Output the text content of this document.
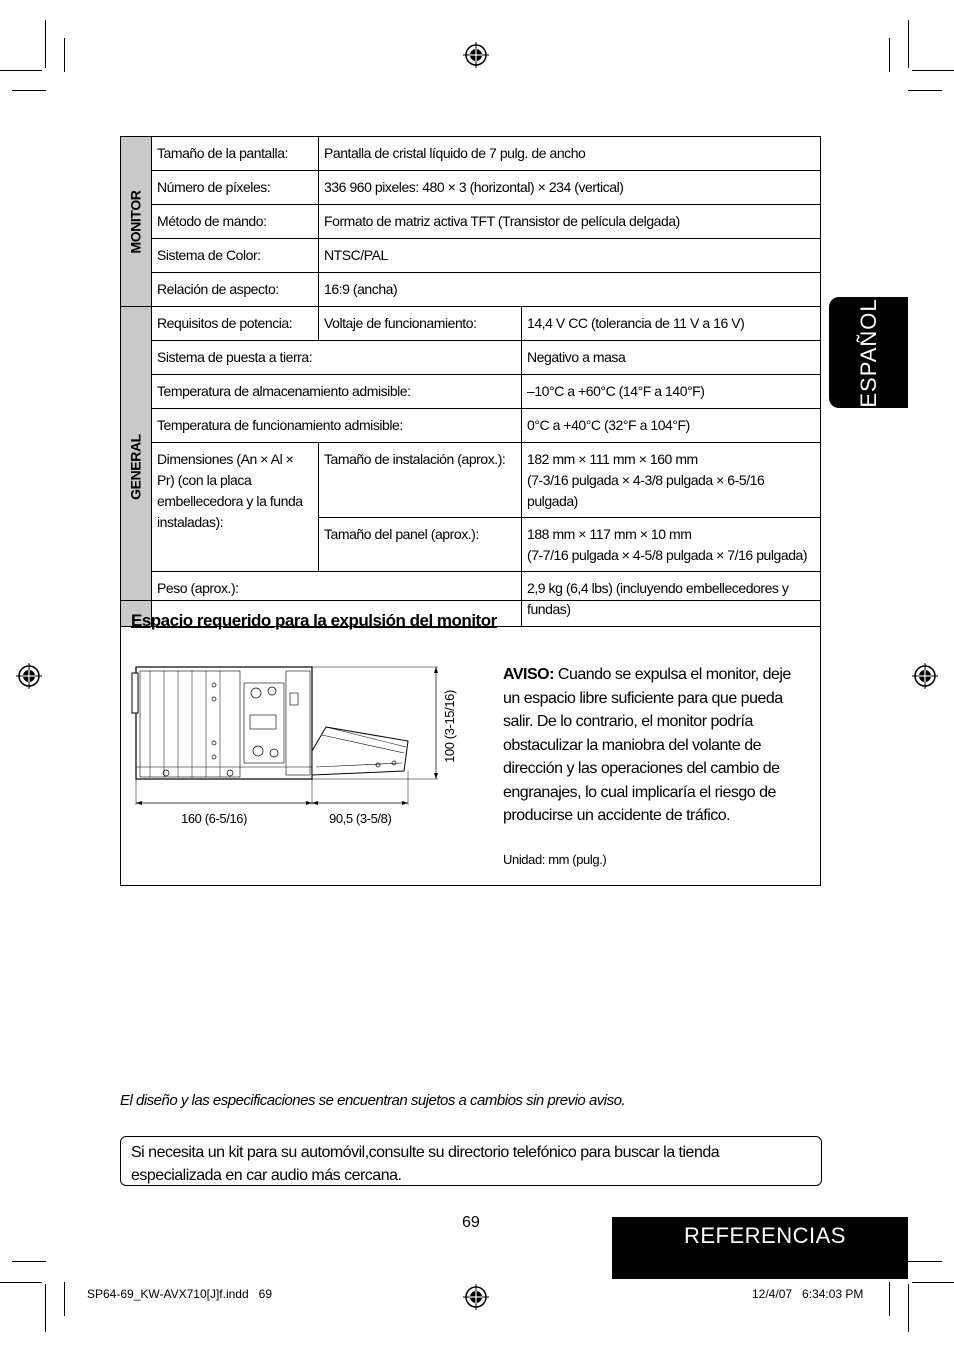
MONITOR	Tamaño de la pantalla:	Pantalla de cristal líquido de 7 pulg. de ancho	
	Número de píxeles:	336 960 pixeles: 480 × 3 (horizontal) × 234 (vertical)	
	Método de mando:	Formato de matriz activa TFT (Transistor de película delgada)	
	Sistema de Color:	NTSC/PAL	
	Relación de aspecto:	16:9 (ancha)	

GENERAL	Requisitos de potencia:	Voltaje de funcionamiento:	14,4 V CC (tolerancia de 11 V a 16 V)
	Sistema de puesta a tierra:		Negativo a masa
	Temperatura de almacenamiento admisible:		–10°C a +60°C (14°F a 140°F)
	Temperatura de funcionamiento admisible:		0°C a +40°C (32°F a 104°F)
	Dimensiones (An × Al × Pr) (con la placa embellecedora y la funda instaladas):	Tamaño de instalación (aprox.):	182 mm × 111 mm × 160 mm
(7-3/16 pulgada × 4-3/8 pulgada × 6-5/16 pulgada)

		Tamaño del panel (aprox.):	188 mm × 117 mm × 10 mm
(7-7/16 pulgada × 4-5/8 pulgada × 7/16 pulgada)

	Peso (aprox.):		2,9 kg (6,4 lbs) (incluyendo embellecedores y fundas)
ESPAÑOL
Espacio requerido para la expulsión del monitor
160 (6-5/16)	90,5 (3-5/8)
100 (3-15/16)
AVISO: Cuando se expulsa el monitor, deje un espacio libre suficiente para que pueda salir. De lo contrario, el monitor podría obstaculizar la maniobra del volante de dirección y las operaciones del cambio de engranajes, lo cual implicaría el riesgo de producirse un accidente de tráfico.
Unidad: mm (pulg.)
El diseño y las especificaciones se encuentran sujetos a cambios sin previo aviso.
Si necesita un kit para su automóvil,consulte su directorio telefónico para buscar la tienda especializada en car audio más cercana.
69
REFERENCIAS
SP64-69_KW-AVX710[J]f.indd   69	12/4/07   6:34:03 PM
